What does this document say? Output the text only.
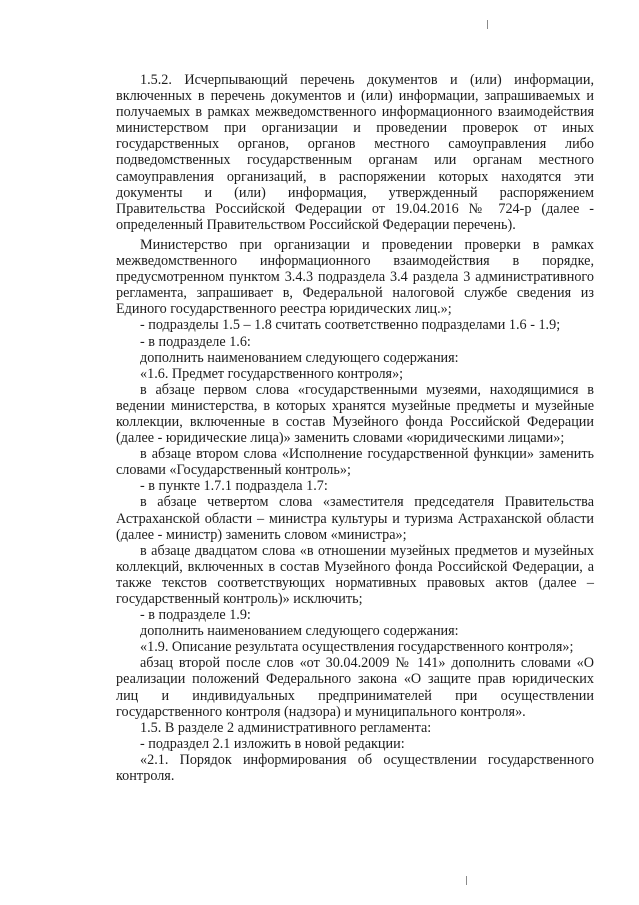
1.5.2. Исчерпывающий перечень документов и (или) информации, включенных в перечень документов и (или) информации, запрашиваемых и получаемых в рамках межведомственного информационного взаимодействия министерством при организации и проведении проверок от иных государственных органов, органов местного самоуправления либо подведомственных государственным органам или органам местного самоуправления организаций, в распоряжении которых находятся эти документы и (или) информация, утвержденный распоряжением Правительства Российской Федерации от 19.04.2016 № 724-р (далее - определенный Правительством Российской Федерации перечень).

Министерство при организации и проведении проверки в рамках межведомственного информационного взаимодействия в порядке, предусмотренном пунктом 3.4.3 подраздела 3.4 раздела 3 административного регламента, запрашивает в, Федеральной налоговой службе сведения из Единого государственного реестра юридических лиц.»;

- подразделы 1.5 – 1.8 считать соответственно подразделами 1.6 - 1.9;

- в подразделе 1.6:

дополнить наименованием следующего содержания:

«1.6. Предмет государственного контроля»;

в абзаце первом слова «государственными музеями, находящимися в ведении министерства, в которых хранятся музейные предметы и музейные коллекции, включенные в состав Музейного фонда Российской Федерации (далее - юридические лица)» заменить словами «юридическими лицами»;

в абзаце втором слова «Исполнение государственной функции» заменить словами «Государственный контроль»;

- в пункте 1.7.1 подраздела 1.7:

в абзаце четвертом слова «заместителя председателя Правительства Астраханской области – министра культуры и туризма Астраханской области (далее - министр) заменить словом «министра»;

в абзаце двадцатом слова «в отношении музейных предметов и музейных коллекций, включенных в состав Музейного фонда Российской Федерации, а также текстов соответствующих нормативных правовых актов (далее – государственный контроль)» исключить;

- в подразделе 1.9:

дополнить наименованием следующего содержания:

«1.9. Описание результата осуществления государственного контроля»;

абзац второй после слов «от 30.04.2009 № 141» дополнить словами «О реализации положений Федерального закона «О защите прав юридических лиц и индивидуальных предпринимателей при осуществлении государственного контроля (надзора) и муниципального контроля».

1.5. В разделе 2 административного регламента:

- подраздел 2.1 изложить в новой редакции:

«2.1. Порядок информирования об осуществлении государственного контроля.
